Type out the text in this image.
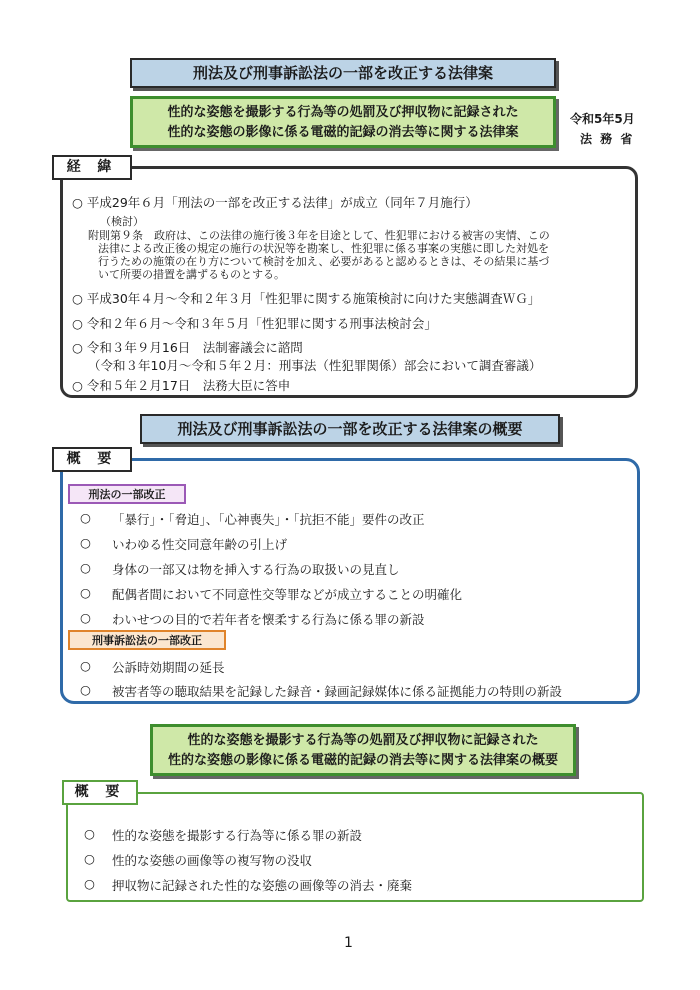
刑法及び刑事訴訟法の一部を改正する法律案
性的な姿態を撮影する行為等の処罰及び押収物に記録された
性的な姿態の影像に係る電磁的記録の消去等に関する法律案
令和5年5月
法 務 省
経 緯
○ 平成29年６月「刑法の一部を改正する法律」が成立（同年７月施行）
（検討）
附則第９条　政府は、この法律の施行後３年を目途として、性犯罪における被害の実情、この
法律による改正後の規定の施行の状況等を勘案し、性犯罪に係る事案の実態に即した対処を
行うための施策の在り方について検討を加え、必要があると認めるときは、その結果に基づ
いて所要の措置を講ずるものとする。
○ 平成30年４月～令和２年３月「性犯罪に関する施策検討に向けた実態調査ＷＧ」
○ 令和２年６月～令和３年５月「性犯罪に関する刑事法検討会」
○ 令和３年９月16日　法制審議会に諮問
（令和３年10月～令和５年２月：刑事法（性犯罪関係）部会において調査審議）
○ 令和５年２月17日　法務大臣に答申
刑法及び刑事訴訟法の一部を改正する法律案の概要
概 要
刑法の一部改正
○ 「暴行」・「脅迫」、「心神喪失」・「抗拒不能」要件の改正
○ いわゆる性交同意年齢の引上げ
○ 身体の一部又は物を挿入する行為の取扱いの見直し
○ 配偶者間において不同意性交等罪などが成立することの明確化
○ わいせつの目的で若年者を懐柔する行為に係る罪の新設
刑事訴訟法の一部改正
○ 公訴時効期間の延長
○ 被害者等の聴取結果を記録した録音・録画記録媒体に係る証拠能力の特則の新設
性的な姿態を撮影する行為等の処罰及び押収物に記録された
性的な姿態の影像に係る電磁的記録の消去等に関する法律案の概要
概 要
○ 性的な姿態を撮影する行為等に係る罪の新設
○ 性的な姿態の画像等の複写物の没収
○ 押収物に記録された性的な姿態の画像等の消去・廃棄
1
